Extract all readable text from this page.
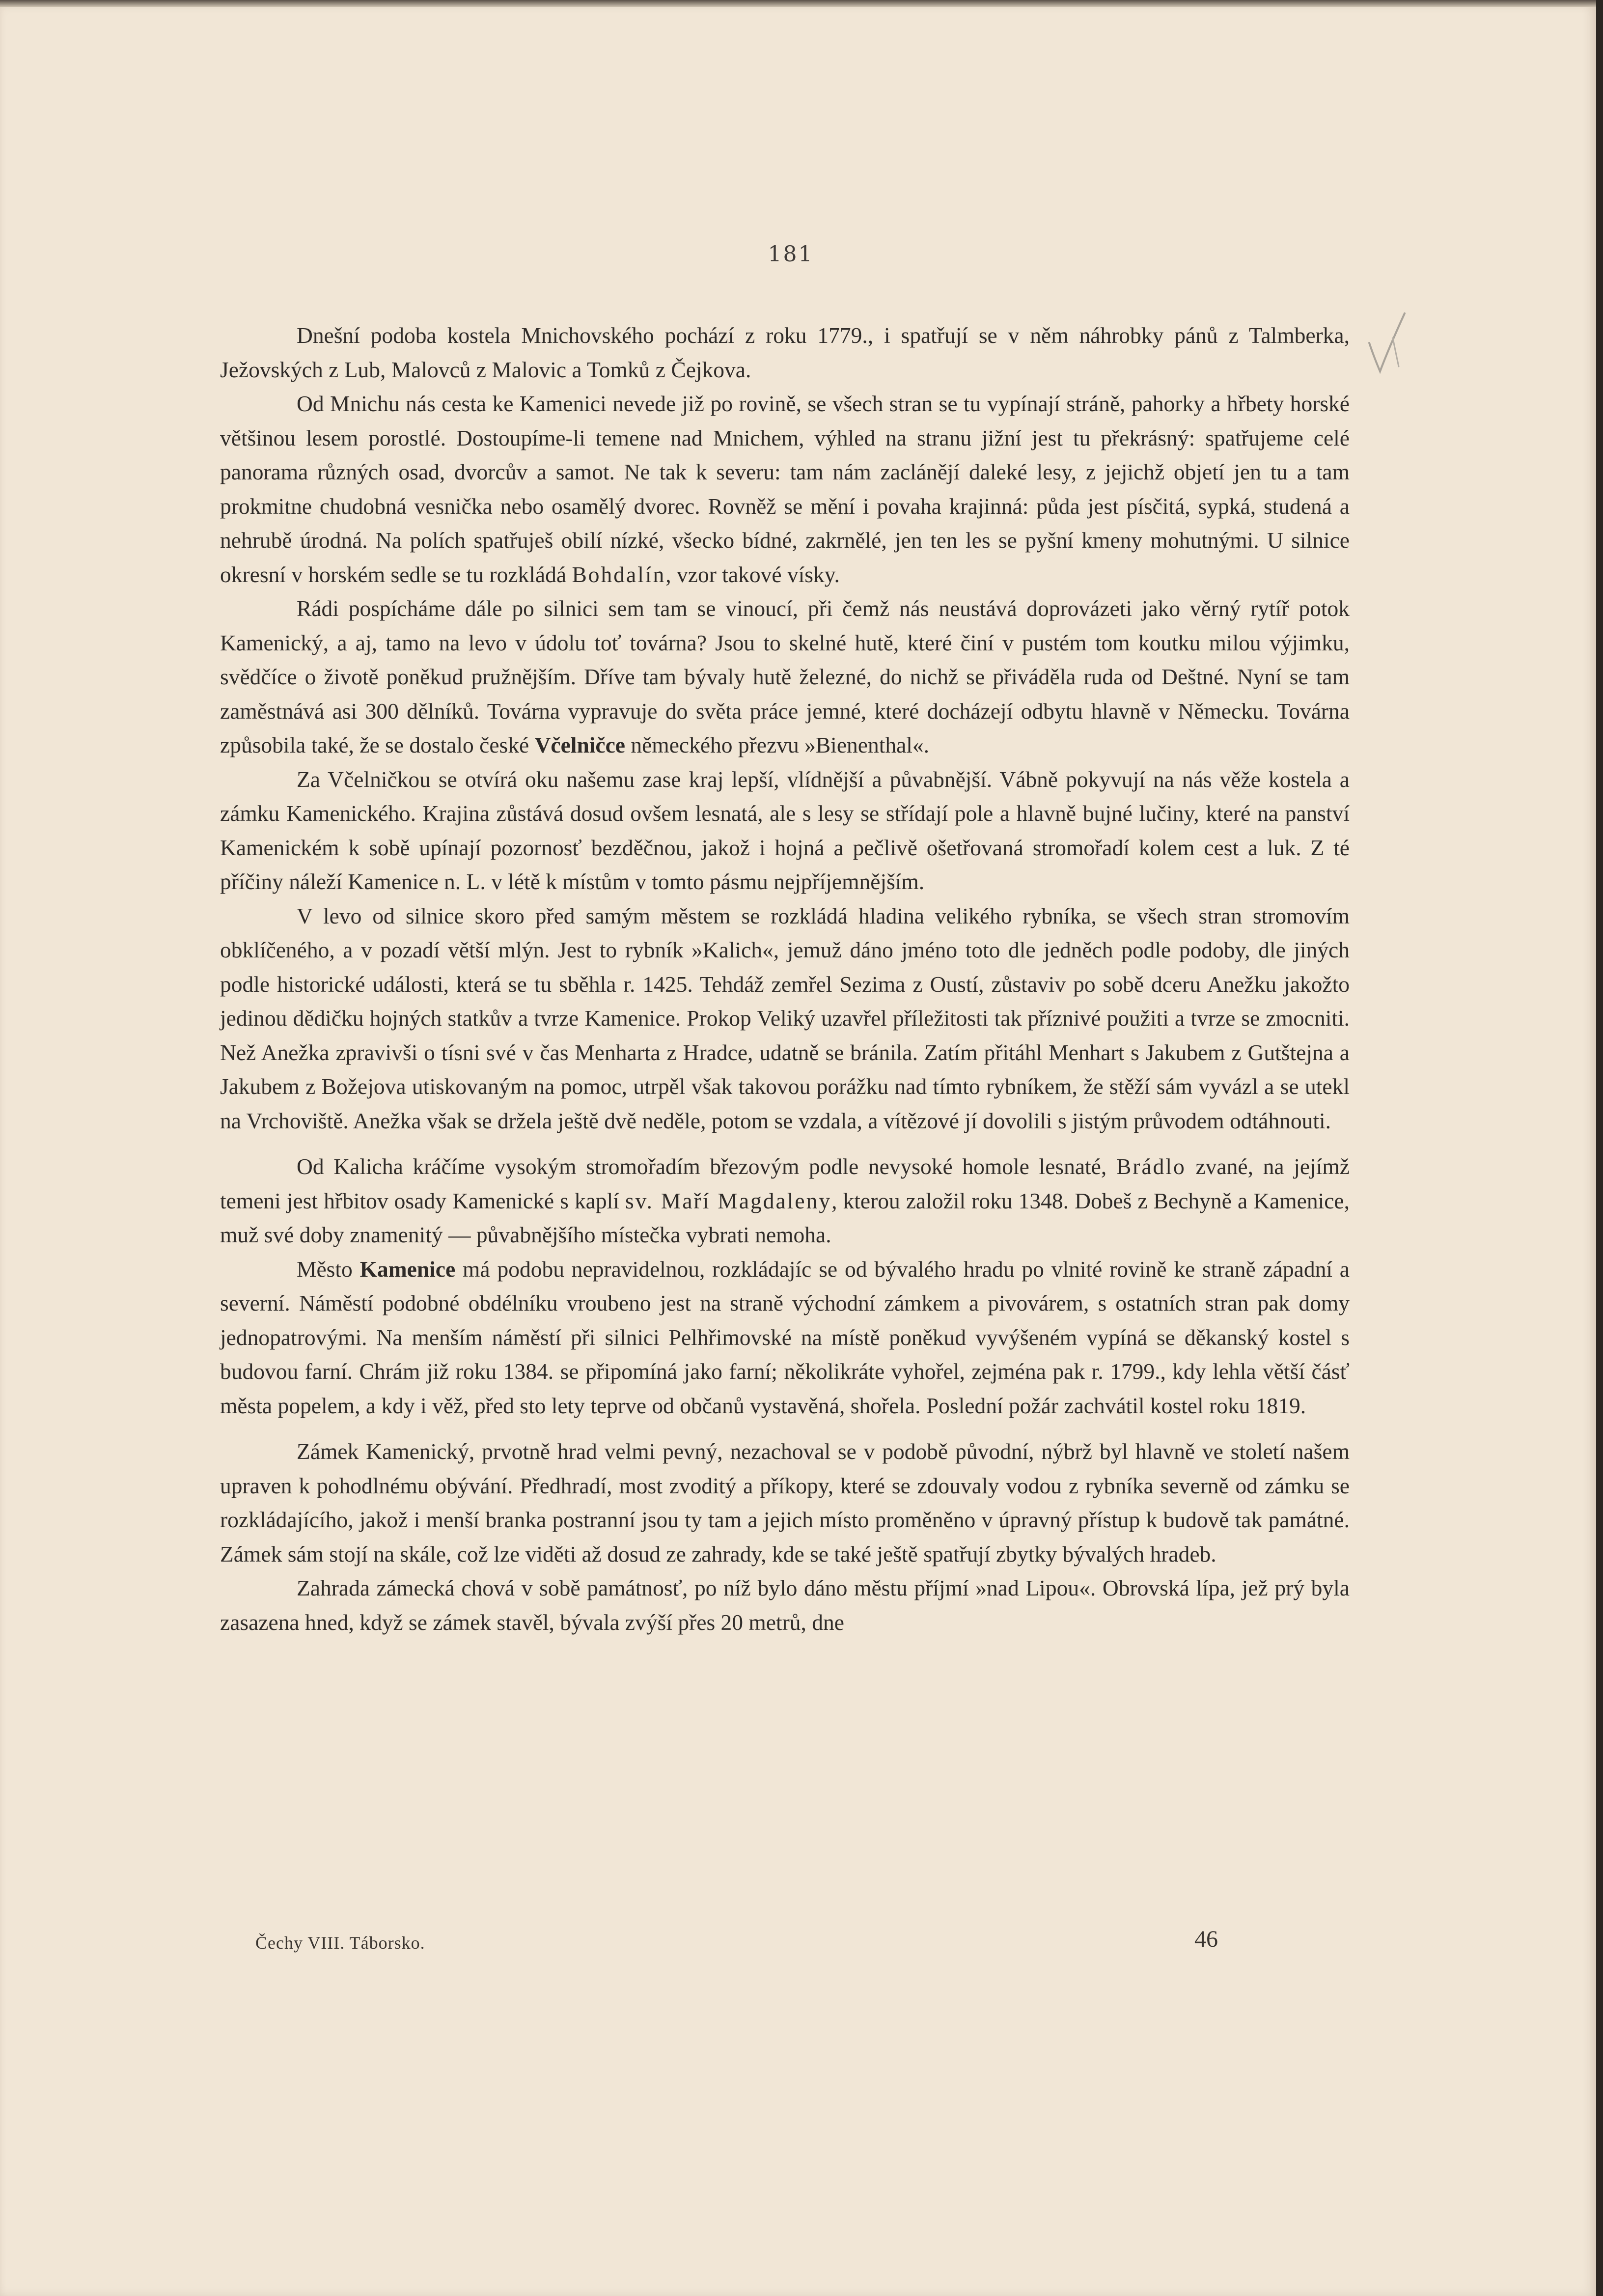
181

Dnešní podoba kostela Mnichovského pochází z roku 1779., i spatřují se v něm náhrobky pánů z Talmberka, Ježovských z Lub, Malovců z Malovic a Tomků z Čejkova.

Od Mnichu nás cesta ke Kamenici nevede již po rovině, se všech stran se tu vypínají stráně, pahorky a hřbety horské většinou lesem porostlé. Dostoupíme-li temene nad Mnichem, výhled na stranu jižní jest tu překrásný: spatřujeme celé panorama různých osad, dvorcův a samot. Ne tak k severu: tam nám zaclánějí daleké lesy, z jejichž objetí jen tu a tam prokmitne chudobná vesnička nebo osamělý dvorec. Rovněž se mění i povaha krajinná: půda jest písčitá, sypká, studená a nehrubě úrodná. Na polích spatřuješ obilí nízké, všecko bídné, zakrnělé, jen ten les se pyšní kmeny mohutnými. U silnice okresní v horském sedle se tu rozkládá Bohdalín, vzor takové vísky.

Rádi pospícháme dále po silnici sem tam se vinoucí, při čemž nás neustává doprovázeti jako věrný rytíř potok Kamenický, a aj, tamo na levo v údolu toť továrna? Jsou to skelné hutě, které činí v pustém tom koutku milou výjimku, svědčíce o životě poněkud pružnějším. Dříve tam bývaly hutě železné, do nichž se přiváděla ruda od Deštné. Nyní se tam zaměstnává asi 300 dělníků. Továrna vypravuje do světa práce jemné, které docházejí odbytu hlavně v Německu. Továrna způsobila také, že se dostalo české Včelničce německého přezvu »Bienenthal«.

Za Včelničkou se otvírá oku našemu zase kraj lepší, vlídnější a půvabnější. Vábně pokyvují na nás věže kostela a zámku Kamenického. Krajina zůstává dosud ovšem lesnatá, ale s lesy se střídají pole a hlavně bujné lučiny, které na panství Kamenickém k sobě upínají pozornosť bezděčnou, jakož i hojná a pečlivě ošetřovaná stromořadí kolem cest a luk. Z té příčiny náleží Kamenice n. L. v létě k místům v tomto pásmu nejpříjemnějším.

V levo od silnice skoro před samým městem se rozkládá hladina velikého rybníka, se všech stran stromovím obklíčeného, a v pozadí větší mlýn. Jest to rybník »Kalich«, jemuž dáno jméno toto dle jedněch podle podoby, dle jiných podle historické události, která se tu sběhla r. 1425. Tehdáž zemřel Sezima z Oustí, zůstaviv po sobě dceru Anežku jakožto jedinou dědičku hojných statkův a tvrze Kamenice. Prokop Veliký uzavřel příležitosti tak příznivé použiti a tvrze se zmocniti. Než Anežka zpravivši o tísni své v čas Menharta z Hradce, udatně se bránila. Zatím přitáhl Menhart s Jakubem z Gutštejna a Jakubem z Božejova utiskovaným na pomoc, utrpěl však takovou porážku nad tímto rybníkem, že stěží sám vyvázl a se utekl na Vrchoviště. Anežka však se držela ještě dvě neděle, potom se vzdala, a vítězové jí dovolili s jistým průvodem odtáhnouti.

Od Kalicha kráčíme vysokým stromořadím březovým podle nevysoké homole lesnaté, Brádlo zvané, na jejímž temeni jest hřbitov osady Kamenické s kaplí sv. Maří Magdaleny, kterou založil roku 1348. Dobeš z Bechyně a Kamenice, muž své doby znamenitý — půvabnějšího místečka vybrati nemoha.

Město Kamenice má podobu nepravidelnou, rozkládajíc se od bývalého hradu po vlnité rovině ke straně západní a severní. Náměstí podobné obdélníku vroubeno jest na straně východní zámkem a pivovárem, s ostatních stran pak domy jednopatrovými. Na menším náměstí při silnici Pelhřimovské na místě poněkud vyvýšeném vypíná se děkanský kostel s budovou farní. Chrám již roku 1384. se připomíná jako farní; několikráte vyhořel, zejména pak r. 1799., kdy lehla větší čásť města popelem, a kdy i věž, před sto lety teprve od občanů vystavěná, shořela. Poslední požár zachvátil kostel roku 1819.

Zámek Kamenický, prvotně hrad velmi pevný, nezachoval se v podobě původní, nýbrž byl hlavně ve století našem upraven k pohodlnému obývání. Předhradí, most zvoditý a příkopy, které se zdouvaly vodou z rybníka severně od zámku se rozkládajícího, jakož i menší branka postranní jsou ty tam a jejich místo proměněno v úpravný přístup k budově tak památné. Zámek sám stojí na skále, což lze viděti až dosud ze zahrady, kde se také ještě spatřují zbytky bývalých hradeb.

Zahrada zámecká chová v sobě památnosť, po níž bylo dáno městu příjmí »nad Lipou«. Obrovská lípa, jež prý byla zasazena hned, když se zámek stavěl, bývala zvýší přes 20 metrů, dne

Čechy VIII. Táborsko.	46
